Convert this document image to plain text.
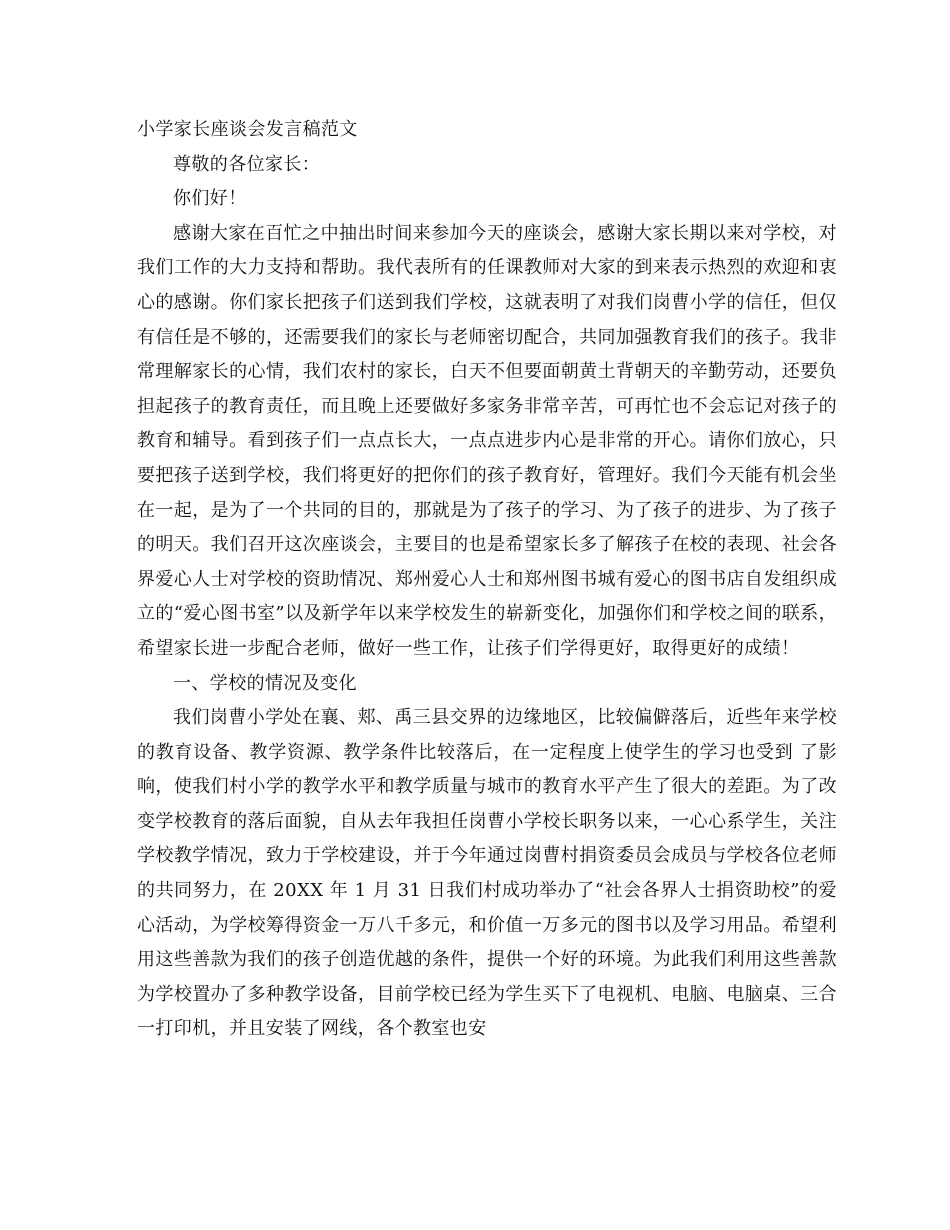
小学家长座谈会发言稿范文

尊敬的各位家长：

你们好！

感谢大家在百忙之中抽出时间来参加今天的座谈会，感谢大家长期以来对学校，对我们工作的大力支持和帮助。我代表所有的任课教师对大家的到来表示热烈的欢迎和衷心的感谢。你们家长把孩子们送到我们学校，这就表明了对我们岗曹小学的信任，但仅有信任是不够的，还需要我们的家长与老师密切配合，共同加强教育我们的孩子。我非常理解家长的心情，我们农村的家长，白天不但要面朝黄土背朝天的辛勤劳动，还要负担起孩子的教育责任，而且晚上还要做好多家务非常辛苦，可再忙也不会忘记对孩子的教育和辅导。看到孩子们一点点长大，一点点进步内心是非常的开心。请你们放心，只要把孩子送到学校，我们将更好的把你们的孩子教育好，管理好。我们今天能有机会坐在一起，是为了一个共同的目的，那就是为了孩子的学习、为了孩子的进步、为了孩子的明天。我们召开这次座谈会，主要目的也是希望家长多了解孩子在校的表现、社会各界爱心人士对学校的资助情况、郑州爱心人士和郑州图书城有爱心的图书店自发组织成立的“爱心图书室”以及新学年以来学校发生的崭新变化，加强你们和学校之间的联系，希望家长进一步配合老师，做好一些工作，让孩子们学得更好，取得更好的成绩！

一、学校的情况及变化

我们岗曹小学处在襄、郏、禹三县交界的边缘地区，比较偏僻落后，近些年来学校的教育设备、教学资源、教学条件比较落后，在一定程度上使学生的学习也受到 了影响，使我们村小学的教学水平和教学质量与城市的教育水平产生了很大的差距。为了改变学校教育的落后面貌，自从去年我担任岗曹小学校长职务以来，一心心系学生，关注学校教学情况，致力于学校建设，并于今年通过岗曹村捐资委员会成员与学校各位老师的共同努力，在 20XX 年 1 月 31 日我们村成功举办了“社会各界人士捐资助校”的爱心活动，为学校筹得资金一万八千多元，和价值一万多元的图书以及学习用品。希望利用这些善款为我们的孩子创造优越的条件，提供一个好的环境。为此我们利用这些善款为学校置办了多种教学设备，目前学校已经为学生买下了电视机、电脑、电脑桌、三合一打印机，并且安装了网线，各个教室也安
